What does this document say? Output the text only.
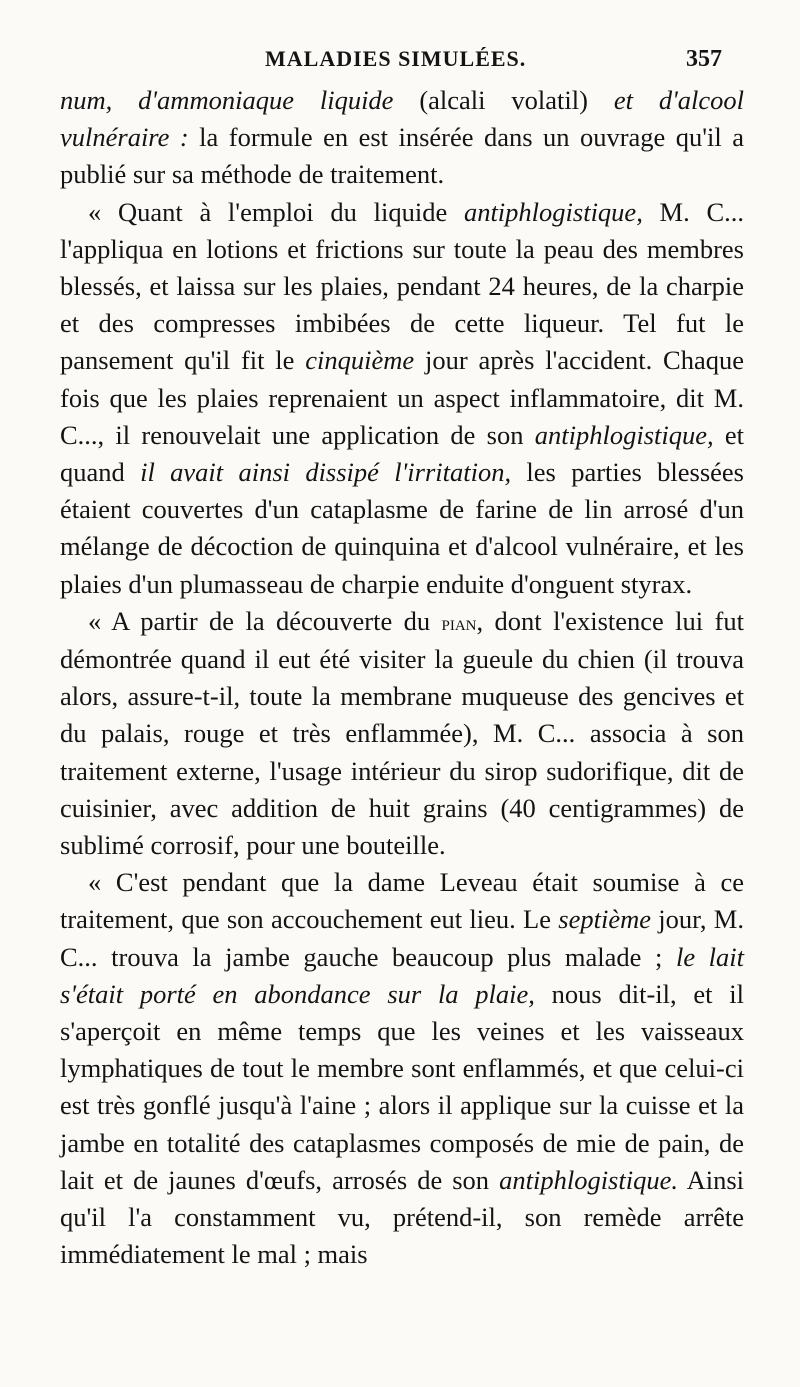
MALADIES SIMULÉES.	357

num, d'ammoniaque liquide (alcali volatil) et d'alcool vulnéraire : la formule en est insérée dans un ouvrage qu'il a publié sur sa méthode de traitement.

« Quant à l'emploi du liquide antiphlogistique, M. C... l'appliqua en lotions et frictions sur toute la peau des membres blessés, et laissa sur les plaies, pendant 24 heures, de la charpie et des compresses imbibées de cette liqueur. Tel fut le pansement qu'il fit le cinquième jour après l'accident. Chaque fois que les plaies reprenaient un aspect inflammatoire, dit M. C..., il renouvelait une application de son antiphlogistique, et quand il avait ainsi dissipé l'irritation, les parties blessées étaient couvertes d'un cataplasme de farine de lin arrosé d'un mélange de décoction de quinquina et d'alcool vulnéraire, et les plaies d'un plumasseau de charpie enduite d'onguent styrax.

« A partir de la découverte du pian, dont l'existence lui fut démontrée quand il eut été visiter la gueule du chien (il trouva alors, assure-t-il, toute la membrane muqueuse des gencives et du palais, rouge et très enflammée), M. C... associa à son traitement externe, l'usage intérieur du sirop sudorifique, dit de cuisinier, avec addition de huit grains (40 centigrammes) de sublimé corrosif, pour une bouteille.

« C'est pendant que la dame Leveau était soumise à ce traitement, que son accouchement eut lieu. Le septième jour, M. C... trouva la jambe gauche beaucoup plus malade ; le lait s'était porté en abondance sur la plaie, nous dit-il, et il s'aperçoit en même temps que les veines et les vaisseaux lymphatiques de tout le membre sont enflammés, et que celui-ci est très gonflé jusqu'à l'aine ; alors il applique sur la cuisse et la jambe en totalité des cataplasmes composés de mie de pain, de lait et de jaunes d'œufs, arrosés de son antiphlogistique. Ainsi qu'il l'a constamment vu, prétend-il, son remède arrête immédiatement le mal ; mais
